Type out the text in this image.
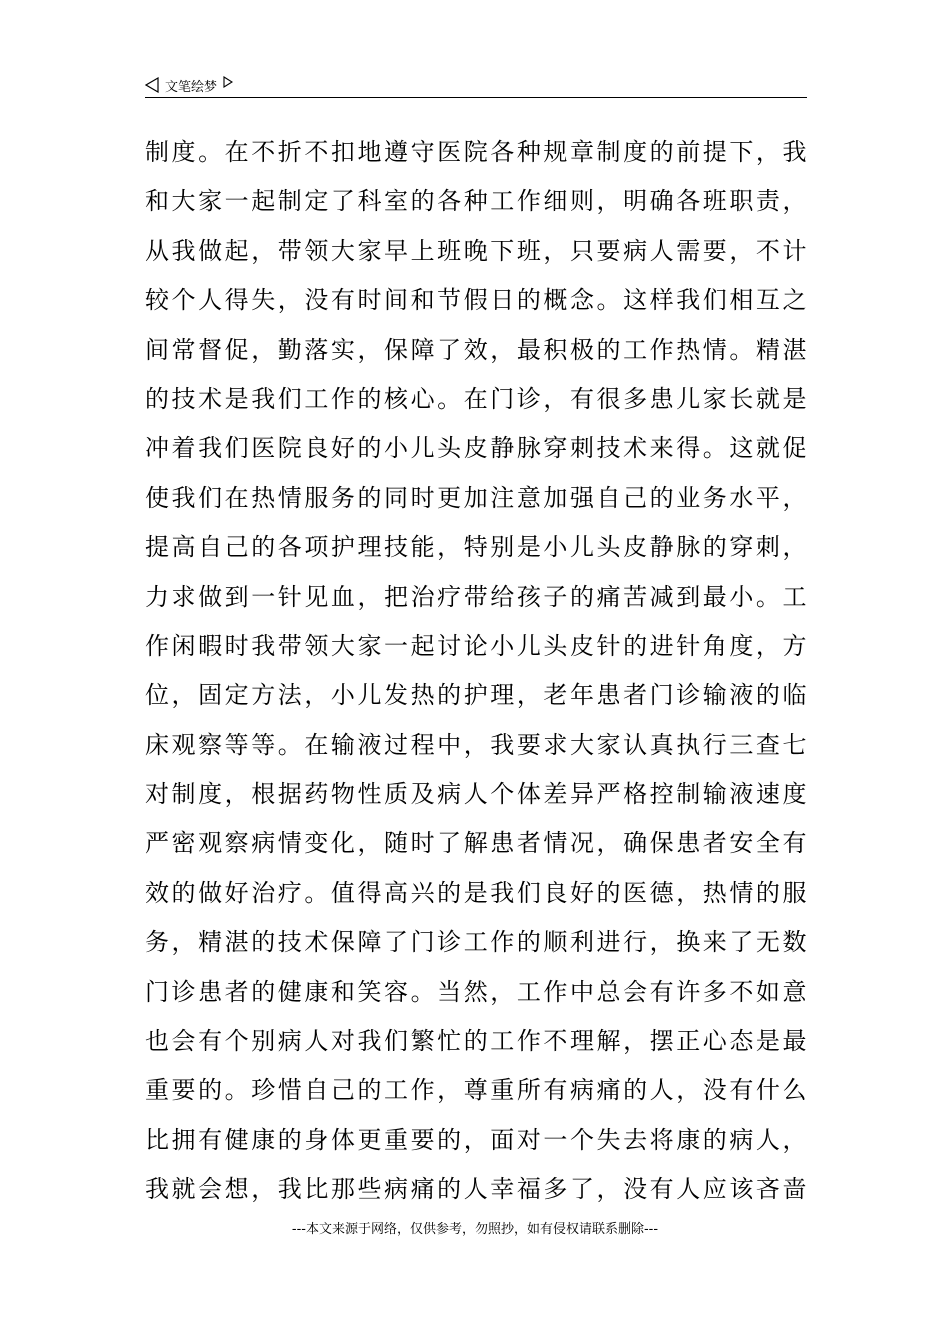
文笔绘梦
制度。在不折不扣地遵守医院各种规章制度的前提下，我
和大家一起制定了科室的各种工作细则，明确各班职责，
从我做起，带领大家早上班晚下班，只要病人需要，不计
较个人得失，没有时间和节假日的概念。这样我们相互之
间常督促，勤落实，保障了效，最积极的工作热情。精湛
的技术是我们工作的核心。在门诊，有很多患儿家长就是
冲着我们医院良好的小儿头皮静脉穿刺技术来得。这就促
使我们在热情服务的同时更加注意加强自己的业务水平，
提高自己的各项护理技能，特别是小儿头皮静脉的穿刺，
力求做到一针见血，把治疗带给孩子的痛苦减到最小。工
作闲暇时我带领大家一起讨论小儿头皮针的进针角度，方
位，固定方法，小儿发热的护理，老年患者门诊输液的临
床观察等等。在输液过程中，我要求大家认真执行三查七
对制度，根据药物性质及病人个体差异严格控制输液速度
严密观察病情变化，随时了解患者情况，确保患者安全有
效的做好治疗。值得高兴的是我们良好的医德，热情的服
务，精湛的技术保障了门诊工作的顺利进行，换来了无数
门诊患者的健康和笑容。当然，工作中总会有许多不如意
也会有个别病人对我们繁忙的工作不理解，摆正心态是最
重要的。珍惜自己的工作，尊重所有病痛的人，没有什么
比拥有健康的身体更重要的，面对一个失去将康的病人，
我就会想，我比那些病痛的人幸福多了，没有人应该吝啬
---本文来源于网络，仅供参考，勿照抄，如有侵权请联系删除---
